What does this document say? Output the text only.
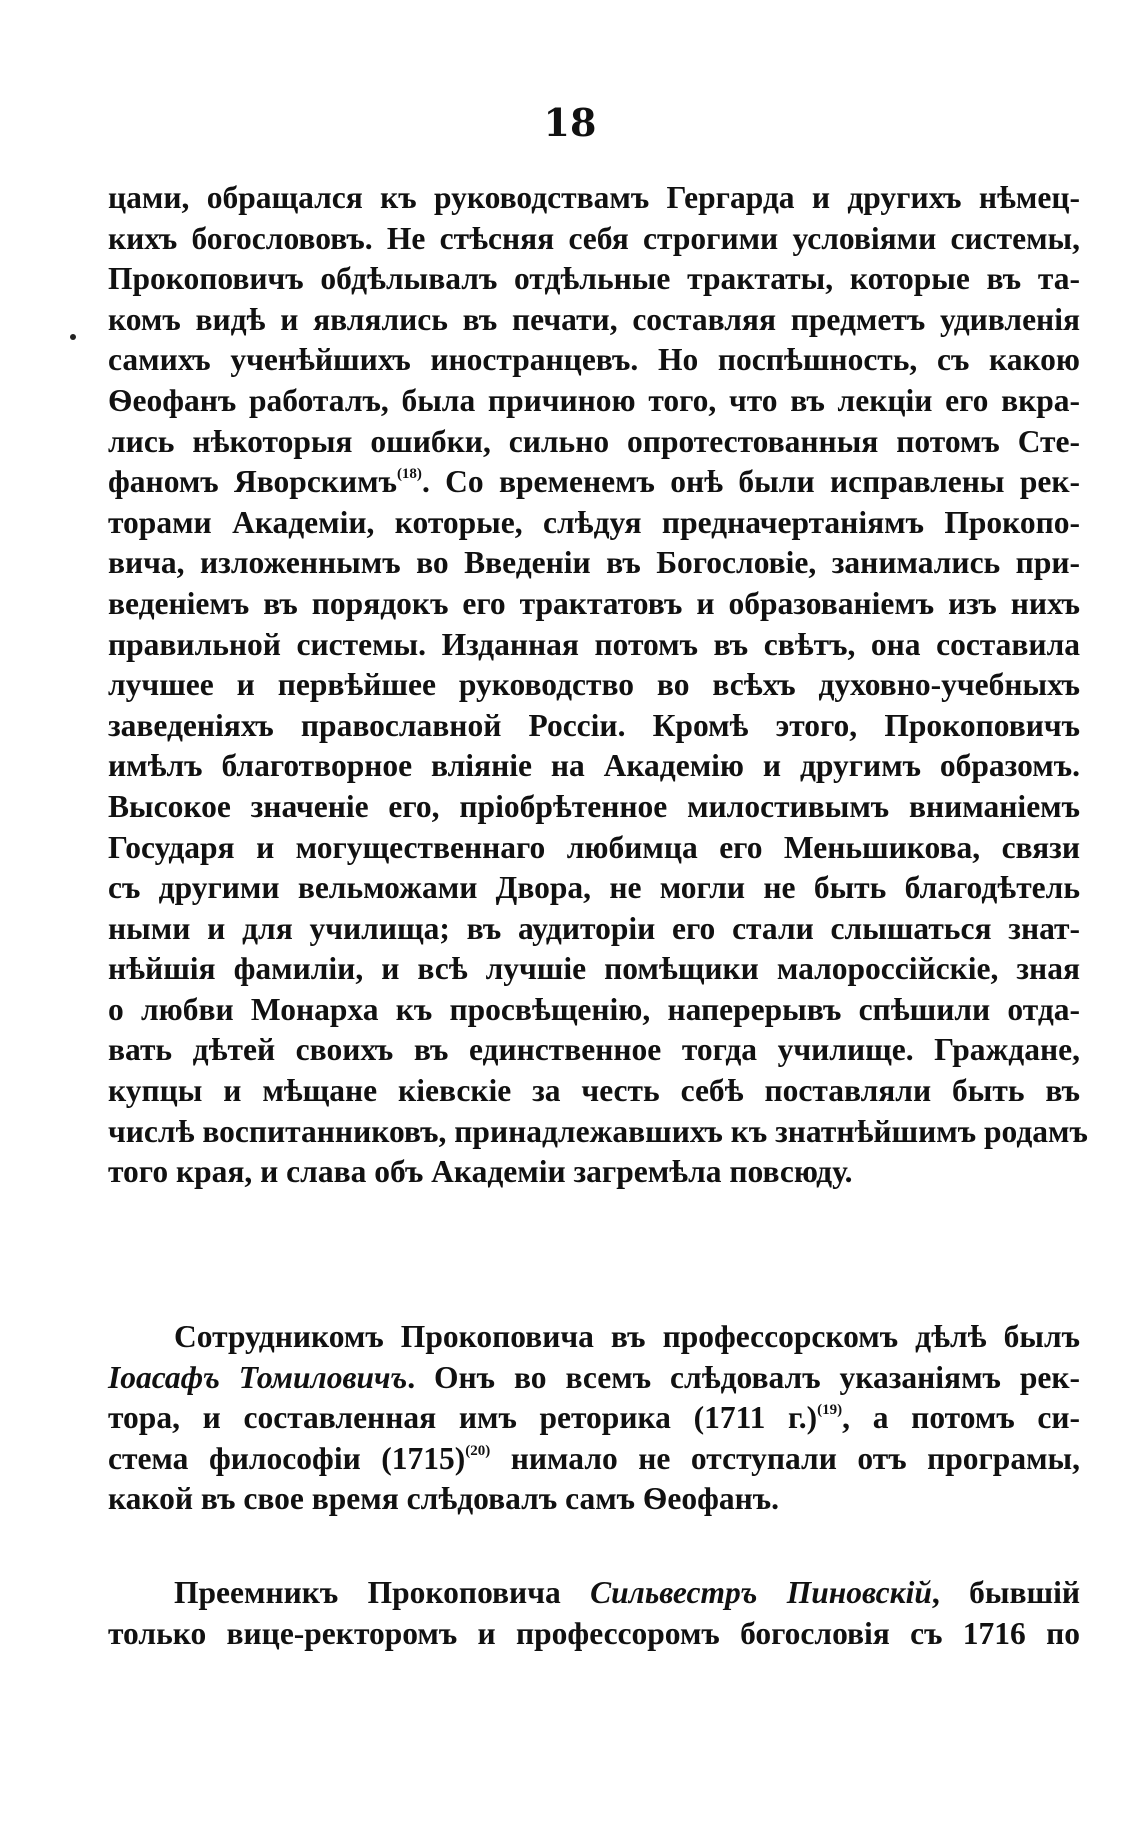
18
цами, обращался къ руководствамъ Гергарда и другихъ нѣмец-
кихъ богослововъ. Не стѣсняя себя строгими условіями системы,
Прокоповичъ обдѣлывалъ отдѣльные трактаты, которые въ та-
комъ видѣ и являлись въ печати, составляя предметъ удивленія
самихъ ученѣйшихъ иностранцевъ. Но поспѣшность, съ какою
Ѳеофанъ работалъ, была причиною того, что въ лекціи его вкра-
лись нѣкоторыя ошибки, сильно опротестованныя потомъ Сте-
фаномъ Яворскимъ$^{(18)}$. Со временемъ онѣ были исправлены рек-
торами Академіи, которые, слѣдуя предначертаніямъ Прокопо-
вича, изложеннымъ во Введеніи въ Богословіе, занимались при-
веденіемъ въ порядокъ его трактатовъ и образованіемъ изъ нихъ
правильной системы. Изданная потомъ въ свѣтъ, она составила
лучшее и первѣйшее руководство во всѣхъ духовно-учебныхъ
заведеніяхъ православной Россіи. Кромѣ этого, Прокоповичъ
имѣлъ благотворное вліяніе на Академію и другимъ образомъ.
Высокое значеніе его, пріобрѣтенное милостивымъ вниманіемъ
Государя и могущественнаго любимца его Меньшикова, связи
съ другими вельможами Двора, не могли не быть благодѣтель
ными и для училища; въ аудиторіи его стали слышаться знат-
нѣйшія фамиліи, и всѣ лучшіе помѣщики малороссійскіе, зная
о любви Монарха къ просвѣщенію, наперерывъ спѣшили отда-
вать дѣтей своихъ въ единственное тогда училище. Граждане,
купцы и мѣщане кіевскіе за честь себѣ поставляли быть въ
числѣ воспитанниковъ, принадлежавшихъ къ знатнѣйшимъ родамъ
того края, и слава объ Академіи загремѣла повсюду.
Сотрудникомъ Прокоповича въ профессорскомъ дѣлѣ былъ
Іоасафъ Томиловичъ. Онъ во всемъ слѣдовалъ указаніямъ рек-
тора, и составленная имъ реторика (1711 г.)$^{(19)}$, а потомъ си-
стема философіи $(1715)^{(20)}$ нимало не отступали отъ програмы,
какой въ свое время слѣдовалъ самъ Ѳеофанъ.
Преемникъ Прокоповича Сильвестръ Пиновскій, бывшій
только вице-ректоромъ и профессоромъ богословія съ 1716 по
